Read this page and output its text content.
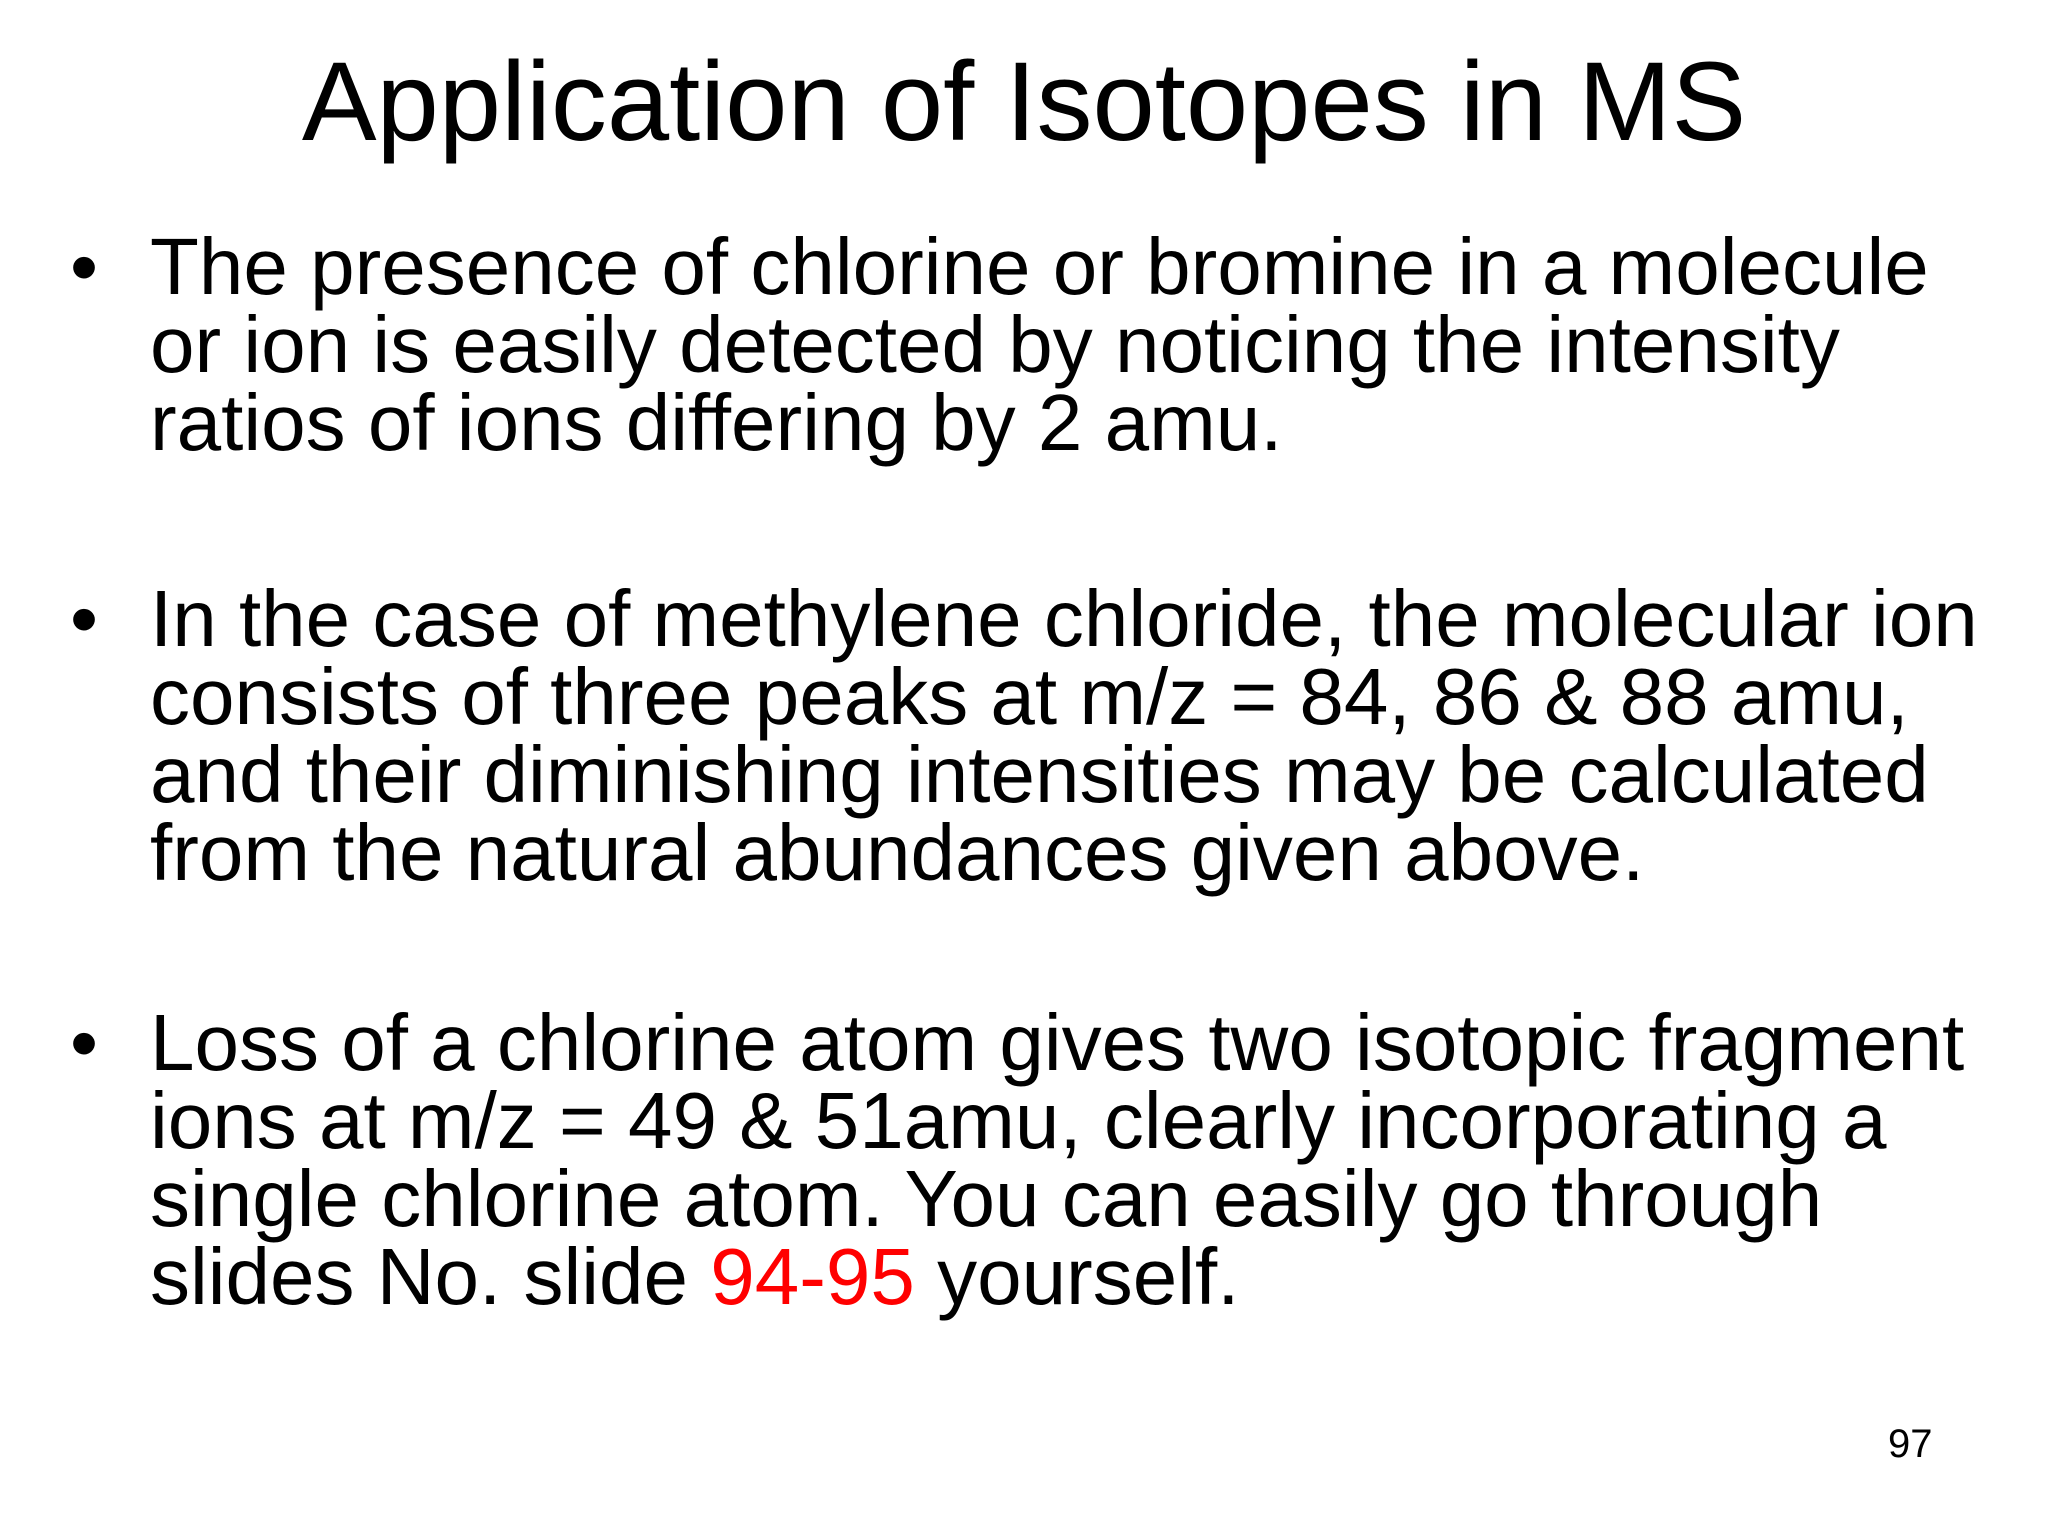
Application of Isotopes in MS
• The presence of chlorine or bromine in a molecule
or ion is easily detected by noticing the intensity
ratios of ions differing by 2 amu.
• In the case of methylene chloride, the molecular ion
consists of three peaks at m/z = 84, 86 & 88 amu,
and their diminishing intensities may be calculated
from the natural abundances given above.
• Loss of a chlorine atom gives two isotopic fragment
ions at m/z = 49 & 51amu, clearly incorporating a
single chlorine atom. You can easily go through
slides No. slide 94-95 yourself.
97
